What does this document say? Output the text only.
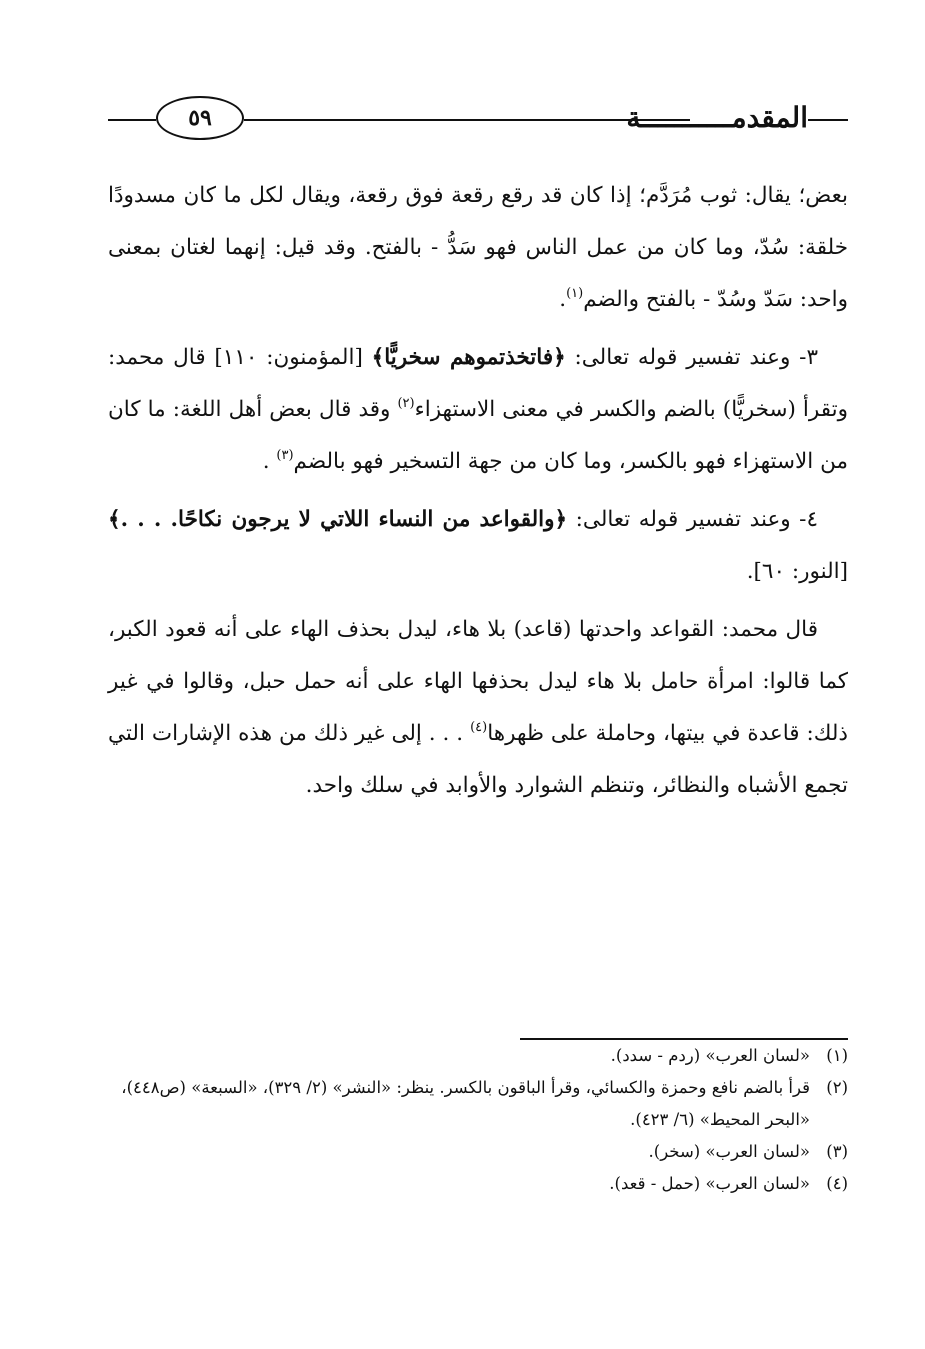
٥٩	المقدمـــــــــــة

بعض؛ يقال: ثوب مُرَدَّم؛ إذا كان قد رقع رقعة فوق رقعة، ويقال لكل ما كان مسدودًا خلقة: سُدّ، وما كان من عمل الناس فهو سَدُّ - بالفتح. وقد قيل: إنهما لغتان بمعنى واحد: سَدّ وسُدّ - بالفتح والضم$^{(١)}$.

٣- وعند تفسير قوله تعالى: ﴿فاتخذتموهم سخريًّا﴾ [المؤمنون: ١١٠] قال محمد: وتقرأ (سخريًّا) بالضم والكسر في معنى الاستهزاء$^{(٢)}$ وقد قال بعض أهل اللغة: ما كان من الاستهزاء فهو بالكسر، وما كان من جهة التسخير فهو بالضم$^{(٣)}$ .

٤- وعند تفسير قوله تعالى: ﴿والقواعد من النساء اللاتي لا يرجون نكاحًا. . . .﴾ [النور: ٦٠].

قال محمد: القواعد واحدتها (قاعد) بلا هاء، ليدل بحذف الهاء على أنه قعود الكبر، كما قالوا: امرأة حامل بلا هاء ليدل بحذفها الهاء على أنه حمل حبل، وقالوا في غير ذلك: قاعدة في بيتها، وحاملة على ظهرها$^{(٤)}$ . . . إلى غير ذلك من هذه الإشارات التي تجمع الأشباه والنظائر، وتنظم الشوارد والأوابد في سلك واحد.

(١)
«لسان العرب» (ردم - سدد).
(٢)
قرأ بالضم نافع وحمزة والكسائي، وقرأ الباقون بالكسر. ينظر: «النشر» (٢/ ٣٢٩)، «السبعة» (ص٤٤٨)، «البحر المحيط» (٦/ ٤٢٣).
(٣)
«لسان العرب» (سخر).
(٤)
«لسان العرب» (حمل - قعد).
